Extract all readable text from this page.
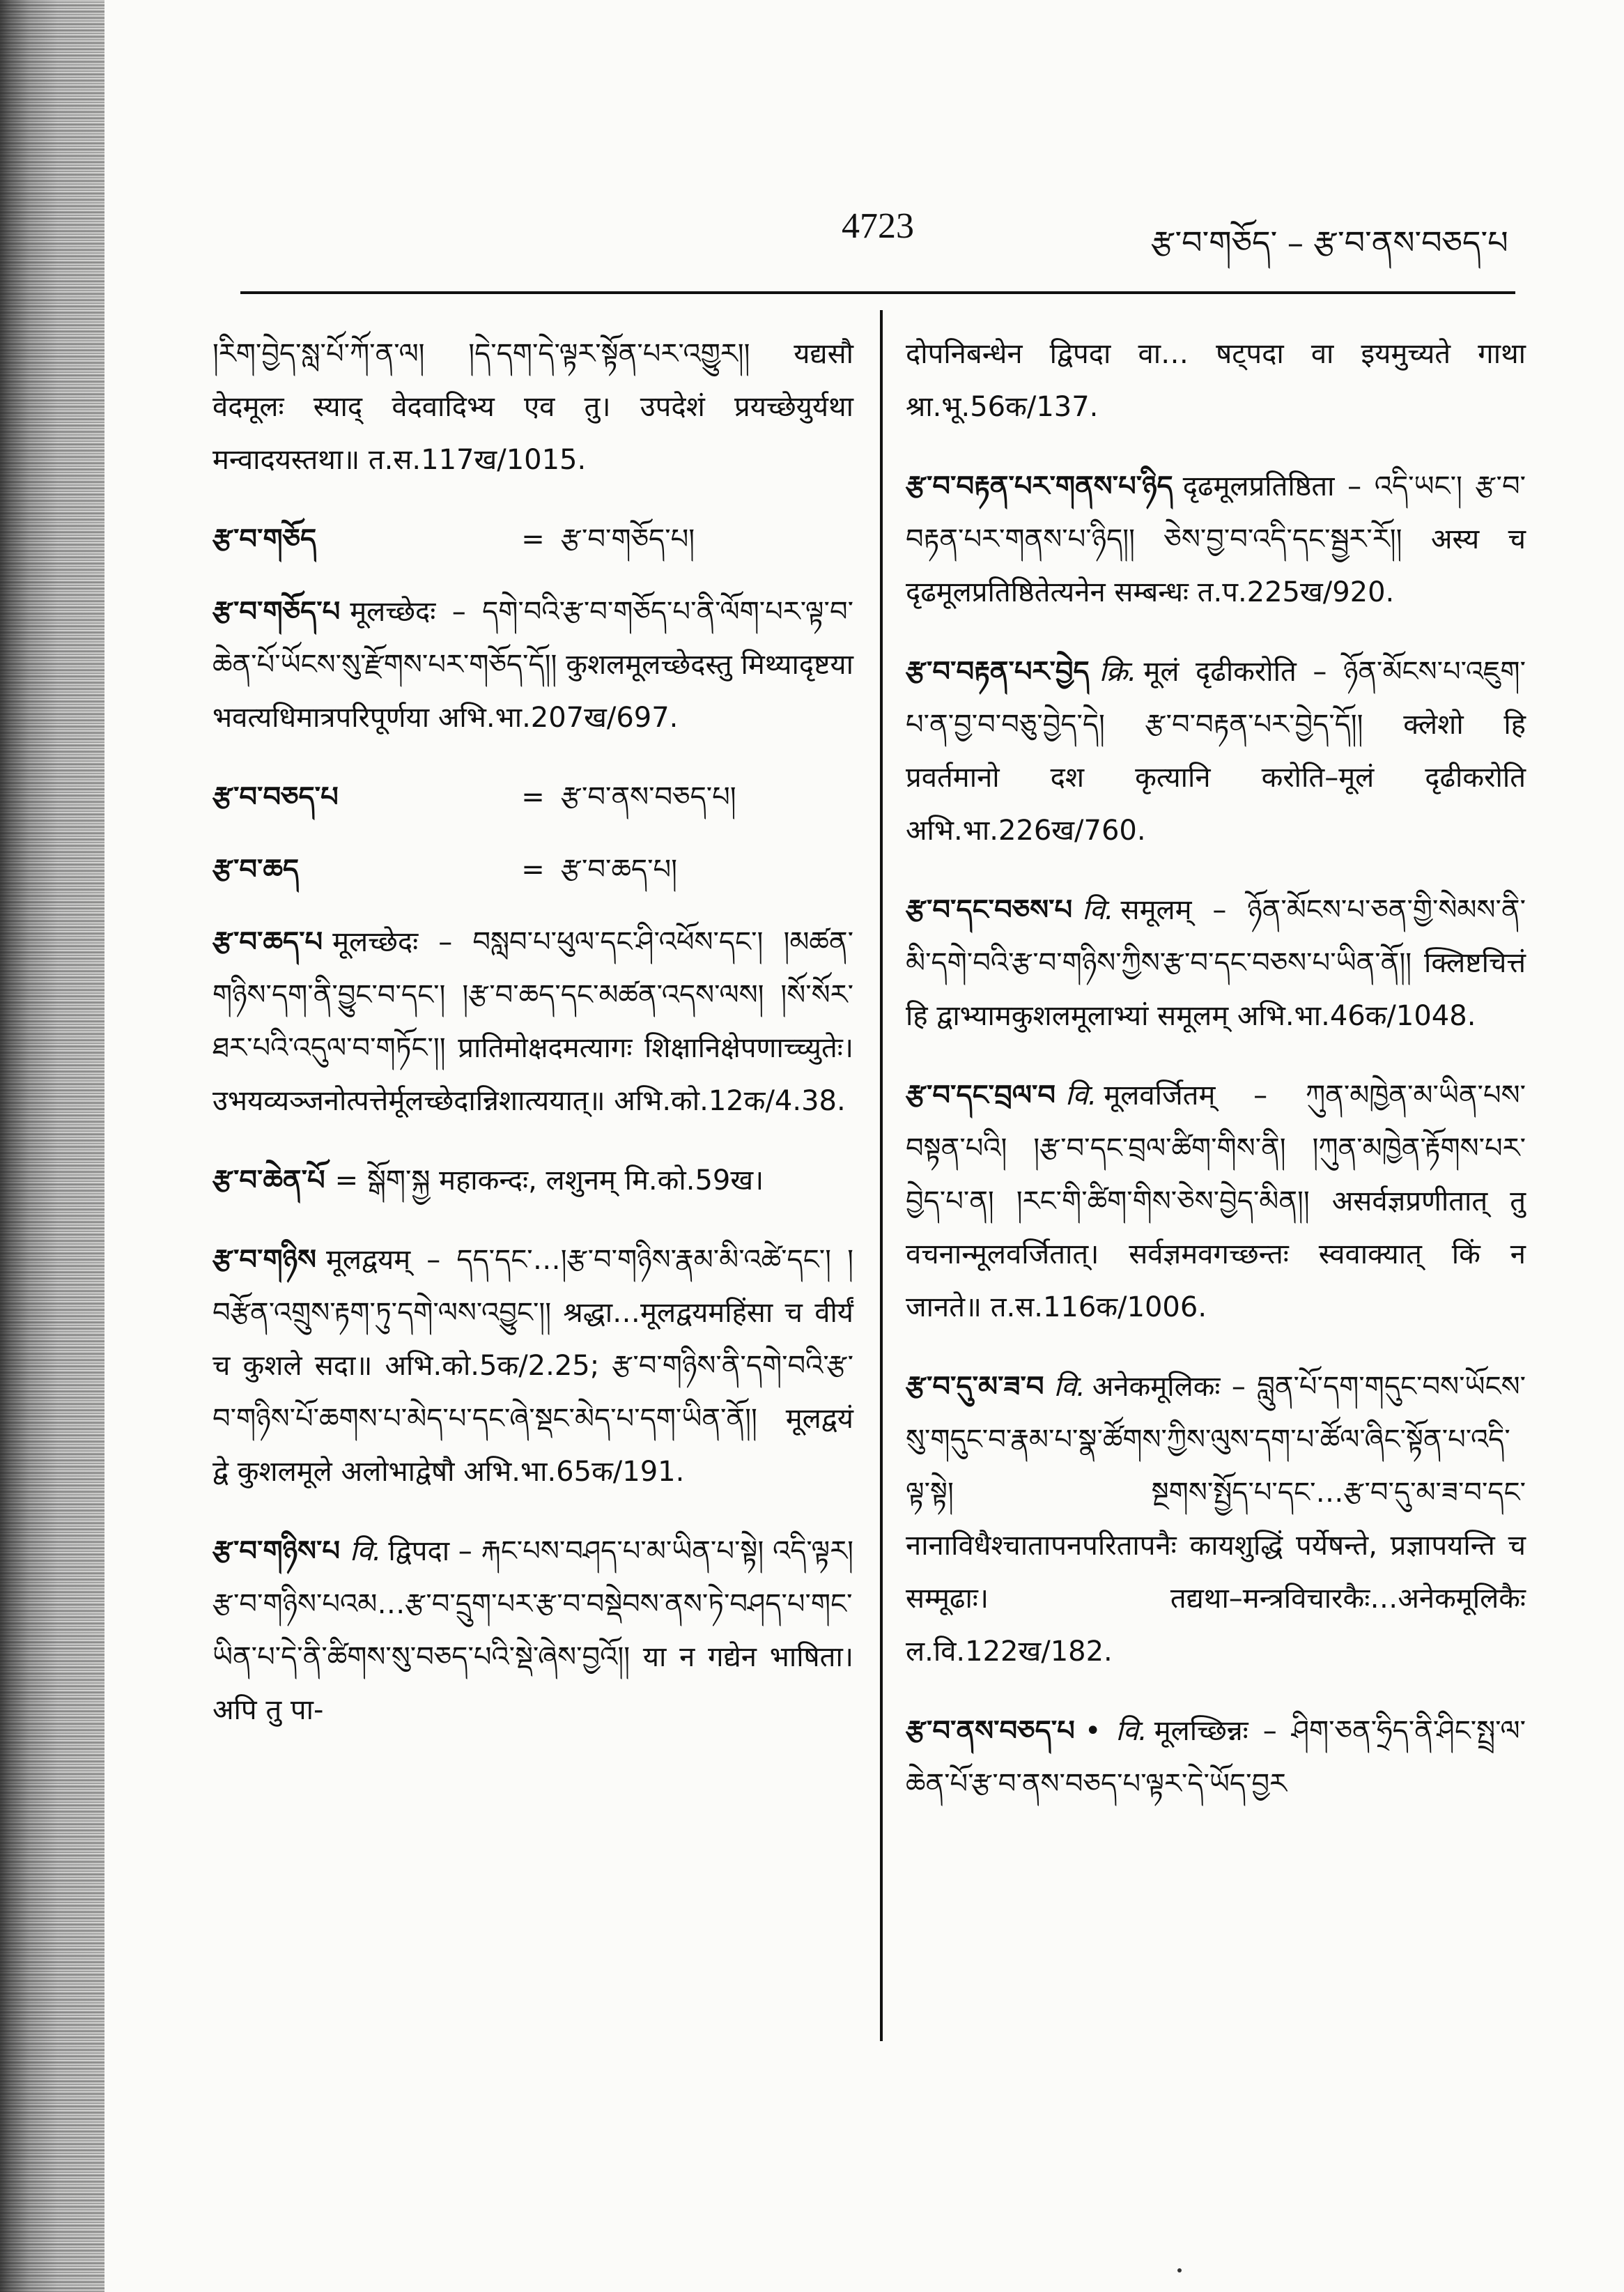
4723	རྩ་བ་གཅོད་ – རྩ་བ་ནས་བཅད་པ

།རིག་བྱེད་སླ་པོ་ཀོ་ན་ལ། །དེ་དག་དེ་ལྟར་སྟོན་པར་འགྱུར།། यद्यसौ वेदमूलः स्याद् वेदवादिभ्य एव तु। उपदेशं प्रयच्छेयुर्यथा मन्वादयस्तथा॥ त.स.117ख/1015.

རྩ་བ་གཅོད	= རྩ་བ་གཅོད་པ།

རྩ་བ་གཅོད་པ मूलच्छेदः – དགེ་བའི་རྩ་བ་གཅོད་པ་ནི་ལོག་པར་ལྟ་བ་ཆེན་པོ་ཡོངས་སུ་རྫོགས་པར་གཅོད་དོ།། कुशलमूलच्छेदस्तु मिथ्यादृष्टया भवत्यधिमात्रपरिपूर्णया अभि.भा.207ख/697.

རྩ་བ་བཅད་པ	= རྩ་བ་ནས་བཅད་པ།
རྩ་བ་ཆད	= རྩ་བ་ཆད་པ།

རྩ་བ་ཆད་པ मूलच्छेदः – བསླབ་པ་ཕུལ་དང་ཤི་འཕོས་དང་། །མཚན་གཉིས་དག་ནི་བྱུང་བ་དང་། །རྩ་བ་ཆད་དང་མཚན་འདས་ལས། །སོ་སོར་ཐར་པའི་འདུལ་བ་གཏོང་།། प्रातिमोक्षदमत्यागः शिक्षानिक्षेपणाच्च्युतेः। उभयव्यञ्जनोत्पत्तेर्मूलच्छेदान्निशात्ययात्॥ अभि.को.12क/4.38.

རྩ་བ་ཆེན་པོ = སྒོག་སྐྱ महाकन्दः, लशुनम् मि.को.59ख।

རྩ་བ་གཉིས मूलद्वयम् – དད་དང་…།རྩ་བ་གཉིས་རྣམ་མི་འཚེ་དང་། །བརྩོན་འགྲུས་རྟག་ཏུ་དགེ་ལས་འབྱུང་།། श्रद्धा…मूलद्वयमहिंसा च वीर्यं च कुशले सदा॥ अभि.को.5क/2.25; རྩ་བ་གཉིས་ནི་དགེ་བའི་རྩ་བ་གཉིས་པོ་ཆགས་པ་མེད་པ་དང་ཞེ་སྡང་མེད་པ་དག་ཡིན་ནོ།། मूलद्वयं द्वे कुशलमूले अलोभाद्वेषौ अभि.भा.65क/191.

རྩ་བ་གཉིས་པ वि. द्विपदा – རྐང་པས་བཤད་པ་མ་ཡིན་པ་སྟེ། འདི་ལྟར། རྩ་བ་གཉིས་པའམ…རྩ་བ་དྲུག་པར་རྩ་བ་བསྡེབས་ནས་ཏེ་བཤད་པ་གང་ཡིན་པ་དེ་ནི་ཚིགས་སུ་བཅད་པའི་སྡེ་ཞེས་བྱའོ།། या न गद्येन भाषिता। अपि तु पा-

दोपनिबन्धेन द्विपदा वा… षट्पदा वा इयमुच्यते गाथा श्रा.भू.56क/137.

རྩ་བ་བརྟན་པར་གནས་པ་ཉིད दृढमूलप्रतिष्ठिता – འདི་ཡང་། རྩ་བ་བརྟན་པར་གནས་པ་ཉིད།། ཅེས་བྱ་བ་འདི་དང་སྦྱར་རོ།། अस्य च दृढमूलप्रतिष्ठितेत्यनेन सम्बन्धः त.प.225ख/920.

རྩ་བ་བརྟན་པར་བྱེད क्रि. मूलं दृढीकरोति – ཉོན་མོངས་པ་འཇུག་པ་ན་བྱ་བ་བཅུ་བྱེད་དེ། རྩ་བ་བརྟན་པར་བྱེད་དོ།། क्लेशो हि प्रवर्तमानो दश कृत्यानि करोति–मूलं दृढीकरोति अभि.भा.226ख/760.

རྩ་བ་དང་བཅས་པ वि. समूलम् – ཉོན་མོངས་པ་ཅན་གྱི་སེམས་ནི་མི་དགེ་བའི་རྩ་བ་གཉིས་ཀྱིས་རྩ་བ་དང་བཅས་པ་ཡིན་ནོ།། क्लिष्टचित्तं हि द्वाभ्यामकुशलमूलाभ्यां समूलम् अभि.भा.46क/1048.

རྩ་བ་དང་བྲལ་བ वि. मूलवर्जितम् – ཀུན་མཁྱེན་མ་ཡིན་པས་བསྟན་པའི། །རྩ་བ་དང་བྲལ་ཚིག་གིས་ནི། །ཀུན་མཁྱེན་རྟོགས་པར་བྱེད་པ་ན། །རང་གི་ཚིག་གིས་ཅེས་བྱེད་མིན།། असर्वज्ञप्रणीतात् तु वचनान्मूलवर्जितात्। सर्वज्ञमवगच्छन्तः स्ववाक्यात् किं न जानते॥ त.स.116क/1006.

རྩ་བ་དུ་མ་ཟ་བ वि. अनेकमूलिकः – བླུན་པོ་དག་གདུང་བས་ཡོངས་སུ་གདུང་བ་རྣམ་པ་སྣ་ཚོགས་ཀྱིས་ལུས་དག་པ་ཚོལ་ཞིང་སྟོན་པ་འདི་ལྟ་སྟེ། སྔགས་སྤྱོད་པ་དང་…རྩ་བ་དུ་མ་ཟ་བ་དང་ नानाविधैश्चातापनपरितापनैः कायशुद्धिं पर्येषन्ते, प्रज्ञापयन्ति च सम्मूढाः। तद्यथा–मन्त्रविचारकैः…अनेकमूलिकैः ल.वि.122ख/182.

རྩ་བ་ནས་བཅད་པ • वि. मूलच्छिन्नः – ཤིག་ཅན་ཧྲིད་ནི་ཤིང་སྤྲ་ལ་ཆེན་པོ་རྩ་བ་ནས་བཅད་པ་ལྟར་དེ་ཡོད་བྱར
